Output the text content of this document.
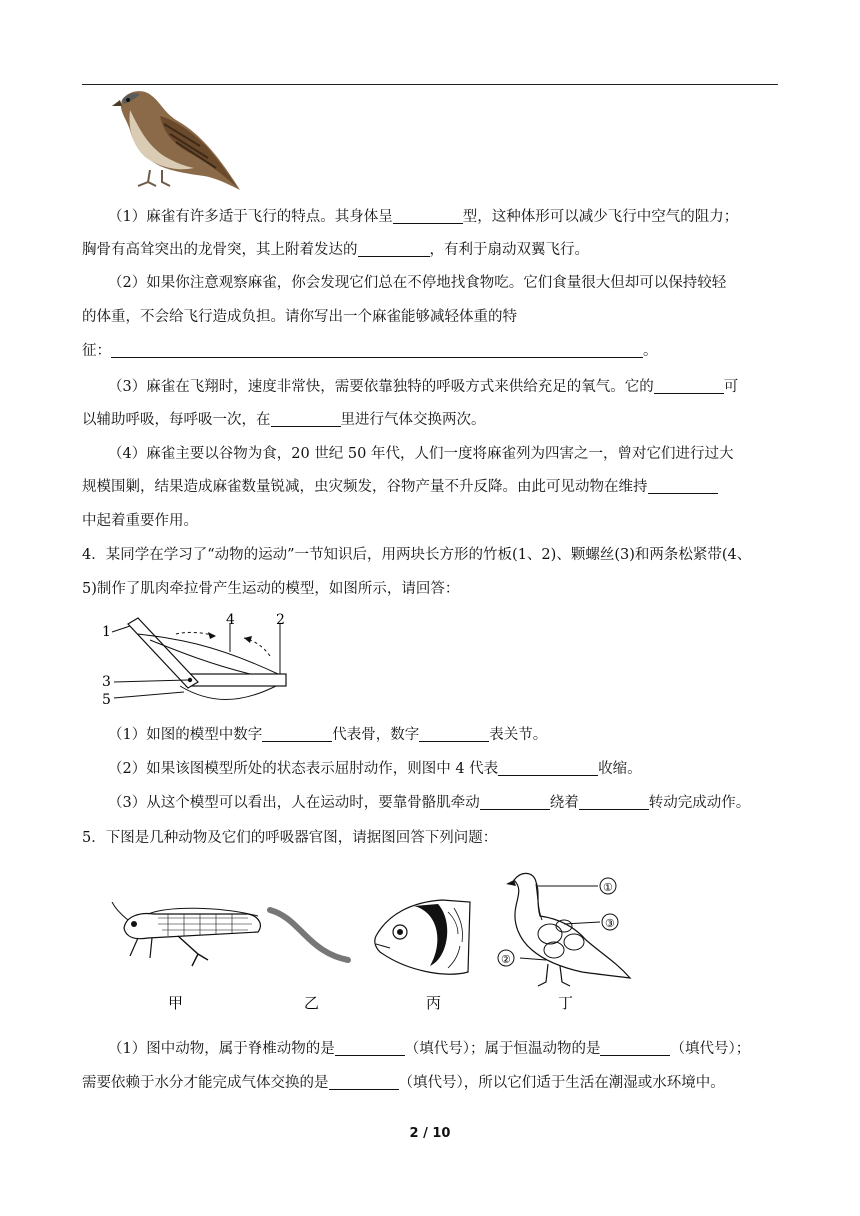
（1）麻雀有许多适于飞行的特点。其身体呈	型，这种体形可以减少飞行中空气的阻力；
胸骨有高耸突出的龙骨突，其上附着发达的	，有利于扇动双翼飞行。
（2）如果你注意观察麻雀，你会发现它们总在不停地找食物吃。它们食量很大但却可以保持较轻
的体重，不会给飞行造成负担。请你写出一个麻雀能够减轻体重的特
征：	。
（3）麻雀在飞翔时，速度非常快，需要依靠独特的呼吸方式来供给充足的氧气。它的	可
以辅助呼吸，每呼吸一次，在	里进行气体交换两次。
（4）麻雀主要以谷物为食，20 世纪 50 年代，人们一度将麻雀列为四害之一，曾对它们进行过大
规模围剿，结果造成麻雀数量锐减，虫灾频发，谷物产量不升反降。由此可见动物在维持
中起着重要作用。
4．某同学在学习了“动物的运动”一节知识后，用两块长方形的竹板(1、2)、颗螺丝(3)和两条松紧带(4、
5)制作了肌肉牵拉骨产生运动的模型，如图所示，请回答：
1
4	2
3
5
（1）如图的模型中数字	代表骨，数字	表关节。
（2）如果该图模型所处的状态表示屈肘动作，则图中 4 代表	收缩。
（3）从这个模型可以看出，人在运动时，要靠骨骼肌牵动	绕着	转动完成动作。
5．下图是几种动物及它们的呼吸器官图，请据图回答下列问题：
①
③
②
甲	乙	丙	丁
（1）图中动物，属于脊椎动物的是	（填代号）；属于恒温动物的是	（填代号）；
需要依赖于水分才能完成气体交换的是	（填代号），所以它们适于生活在潮湿或水环境中。
2 / 10
